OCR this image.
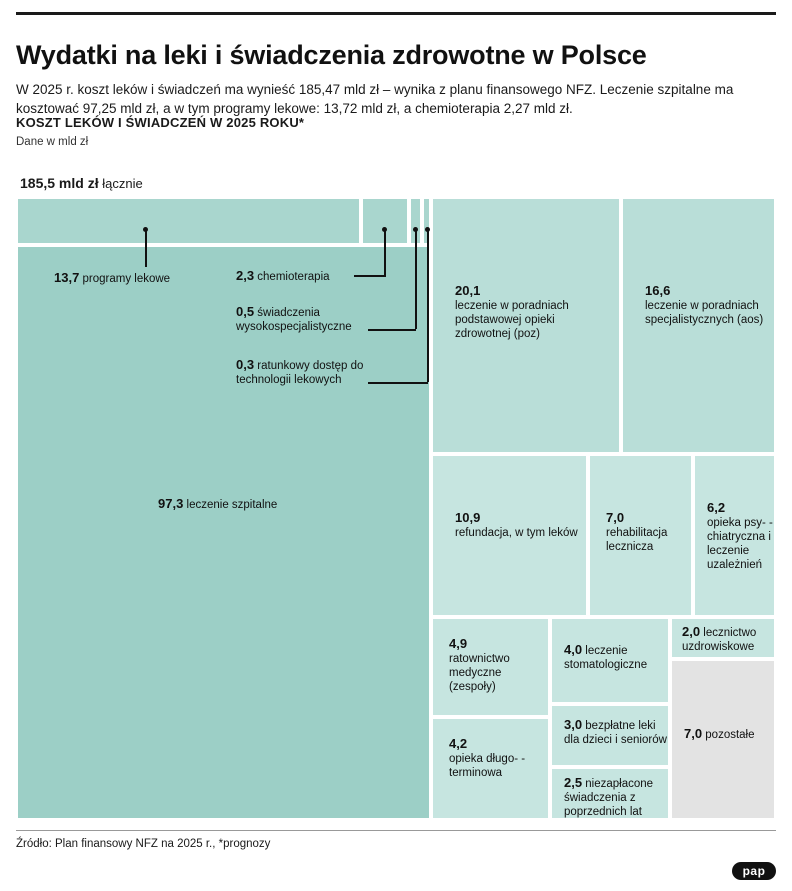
Wydatki na leki i świadczenia zdrowotne w Polsce

W 2025 r. koszt leków i świadczeń ma wynieść 185,47 mld zł – wynika z planu finansowego NFZ. Leczenie szpitalne ma kosztować 97,25 mld zł, a w tym programy lekowe: 13,72 mld zł, a chemioterapia 2,27 mld zł.

KOSZT LEKÓW I ŚWIADCZEŃ W 2025 ROKU*
Dane w mld zł
185,5 mld zł łącznie
97,3 leczenie szpitalne
20,1
leczenie w poradniach podstawowej opieki zdrowotnej (poz)
16,6
leczenie w poradniach specjalistycznych (aos)
10,9
refundacja, w tym leków
7,0
rehabilitacja lecznicza
6,2
opieka psy- -chiatryczna i leczenie uzależnień
4,9
ratownictwo medyczne (zespoły)
4,2
opieka długo- -terminowa
4,0 leczenie stomatologiczne
3,0 bezpłatne leki dla dzieci i seniorów
2,5 niezapłacone świadczenia z poprzednich lat
2,0 lecznictwo uzdrowiskowe
7,0 pozostałe
13,7 programy lekowe	2,3 chemioterapia
0,5 świadczenia wysokospecjalistyczne
0,3 ratunkowy dostęp do technologii lekowych
Źródło: Plan finansowy NFZ na 2025 r., *prognozy
pap
